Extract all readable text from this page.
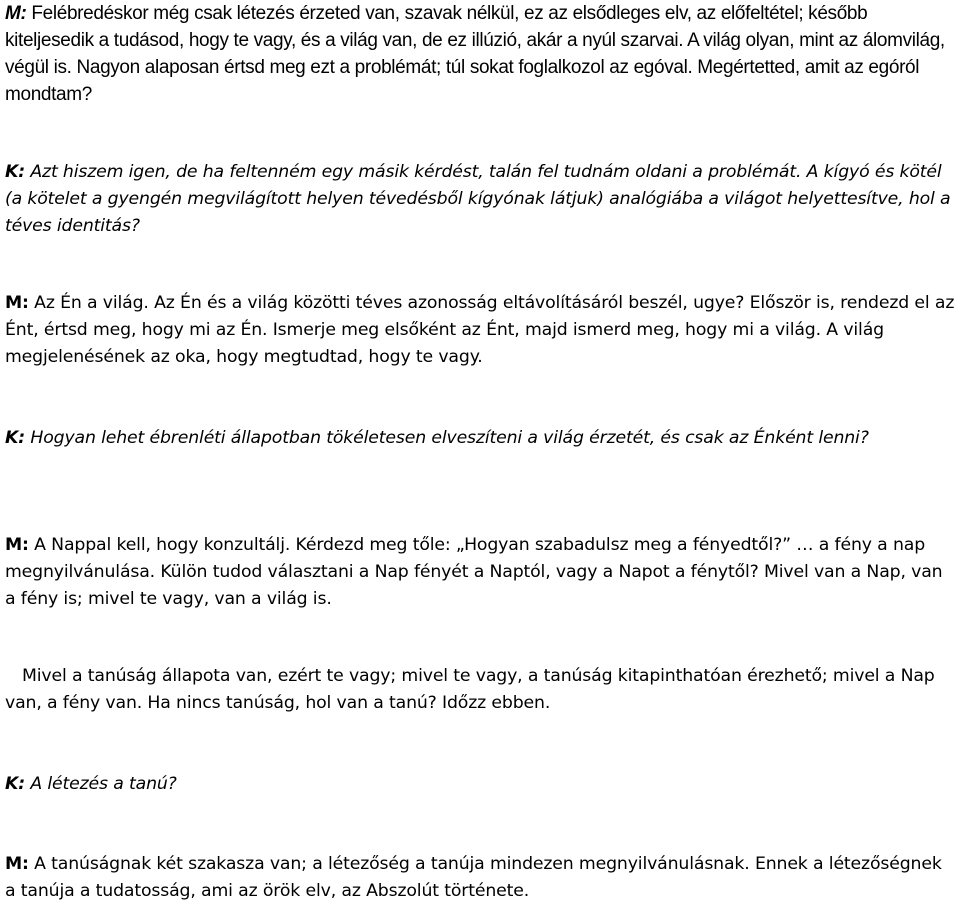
M: Felébredéskor még csak létezés érzeted van, szavak nélkül, ez az elsődleges elv, az előfeltétel; később kiteljesedik a tudásod, hogy te vagy, és a világ van, de ez illúzió, akár a nyúl szarvai. A világ olyan, mint az álomvilág, végül is. Nagyon alaposan értsd meg ezt a problémát; túl sokat foglalkozol az egóval. Megértetted, amit az egóról mondtam?

K: Azt hiszem igen, de ha feltenném egy másik kérdést, talán fel tudnám oldani a problémát. A kígyó és kötél (a kötelet a gyengén megvilágított helyen tévedésből kígyónak látjuk) analógiába a világot helyettesítve, hol a téves identitás?

M: Az Én a világ. Az Én és a világ közötti téves azonosság eltávolításáról beszél, ugye? Először is, rendezd el az Ént, értsd meg, hogy mi az Én. Ismerje meg elsőként az Ént, majd ismerd meg, hogy mi a világ. A világ megjelenésének az oka, hogy megtudtad, hogy te vagy.

K: Hogyan lehet ébrenléti állapotban tökéletesen elveszíteni a világ érzetét, és csak az Énként lenni?

M: A Nappal kell, hogy konzultálj. Kérdezd meg tőle: „Hogyan szabadulsz meg a fényedtől?” … a fény a nap megnyilvánulása. Külön tudod választani a Nap fényét a Naptól, vagy a Napot a fénytől? Mivel van a Nap, van a fény is; mivel te vagy, van a világ is.

Mivel a tanúság állapota van, ezért te vagy; mivel te vagy, a tanúság kitapinthatóan érezhető; mivel a Nap van, a fény van. Ha nincs tanúság, hol van a tanú? Időzz ebben.

K: A létezés a tanú?

M: A tanúságnak két szakasza van; a létezőség a tanúja mindezen megnyilvánulásnak. Ennek a létezőségnek a tanúja a tudatosság, ami az örök elv, az Abszolút története.
